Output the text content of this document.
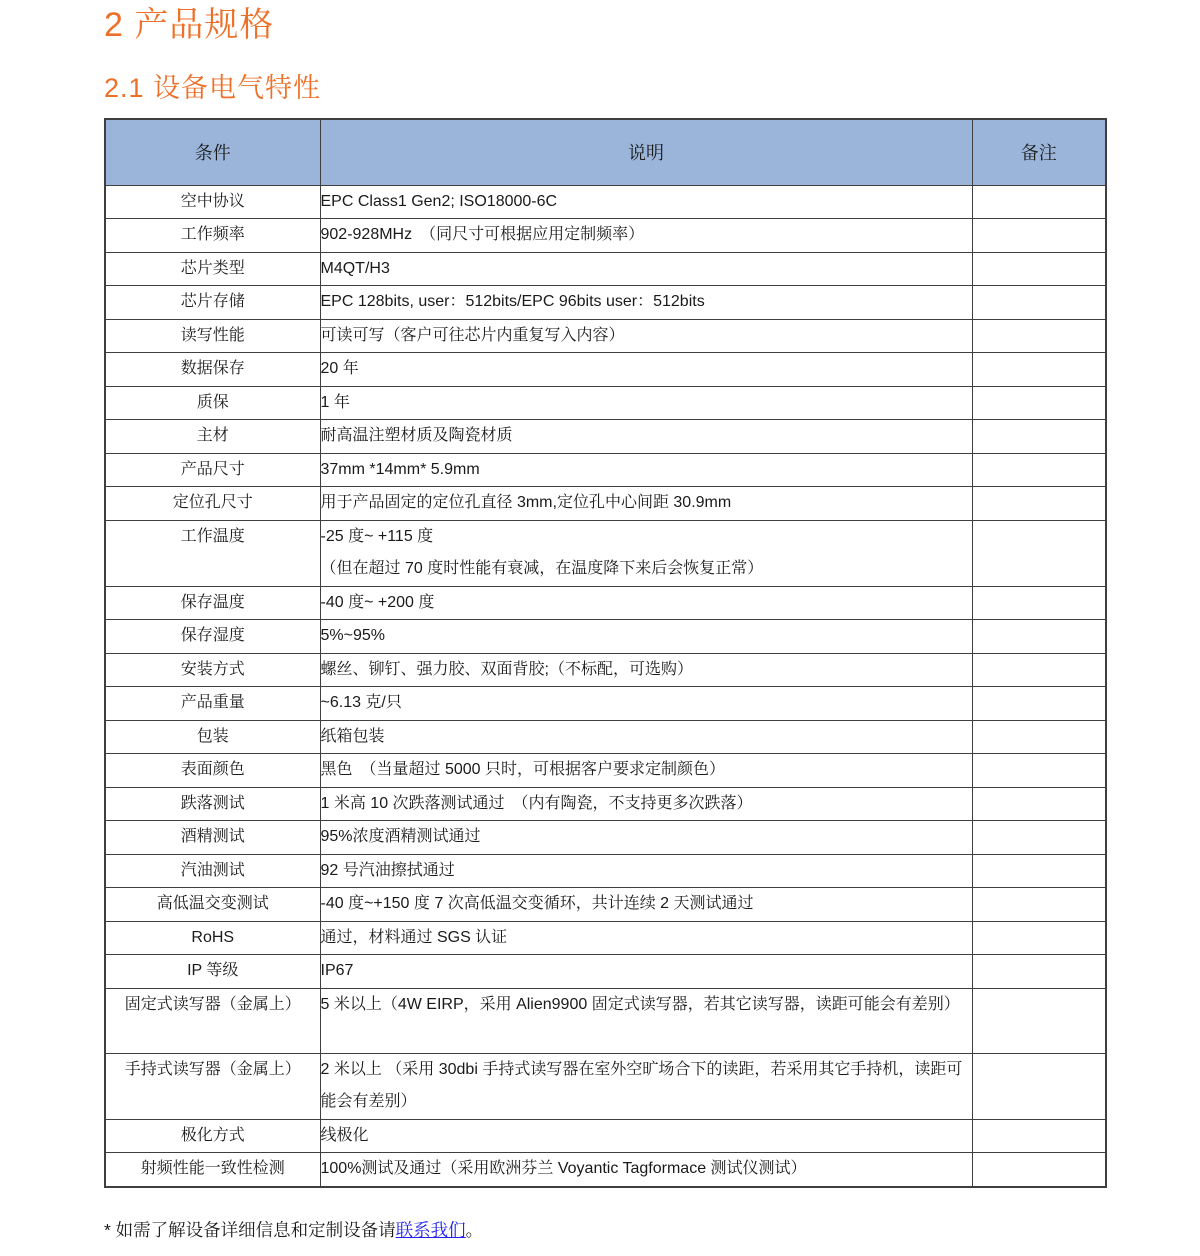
2 产品规格
2.1 设备电气特性
条件	说明	备注
空中协议	EPC Class1 Gen2; ISO18000-6C	

工作频率	902-928MHz　（同尺寸可根据应用定制频率）	

芯片类型	M4QT/H3	

芯片存储	EPC 128bits, user：512bits/EPC 96bits user：512bits	

读写性能	可读可写（客户可往芯片内重复写入内容）	

数据保存	20 年	

质保	1 年	

主材	耐高温注塑材质及陶瓷材质	

产品尺寸	37mm *14mm* 5.9mm	

定位孔尺寸	用于产品固定的定位孔直径 3mm,定位孔中心间距 30.9mm	

工作温度	-25 度~ +115 度
（但在超过 70 度时性能有衰减，在温度降下来后会恢复正常）	

保存温度	-40 度~ +200 度	

保存湿度	5%~95%	

安装方式	螺丝、铆钉、强力胶、双面背胶;（不标配，可选购）	

产品重量	~6.13 克/只	

包装	纸箱包装	

表面颜色	黑色　（当量超过 5000 只时，可根据客户要求定制颜色）	

跌落测试	1 米高 10 次跌落测试通过　（内有陶瓷，不支持更多次跌落）	

酒精测试	95%浓度酒精测试通过	

汽油测试	92 号汽油擦拭通过	

高低温交变测试	-40 度~+150 度 7 次高低温交变循环，共计连续 2 天测试通过	

RoHS	通过，材料通过 SGS 认证	

IP 等级	IP67	

固定式读写器（金属上）	5 米以上（4W EIRP，采用 Alien9900 固定式读写器，若其它读写器，读距可能会有差别）	

手持式读写器（金属上）	2 米以上 （采用 30dbi 手持式读写器在室外空旷场合下的读距，若采用其它手持机，读距可能会有差别）	

极化方式	线极化	

射频性能一致性检测	100%测试及通过（采用欧洲芬兰 Voyantic Tagformace 测试仪测试）	

* 如需了解设备详细信息和定制设备请联系我们。
